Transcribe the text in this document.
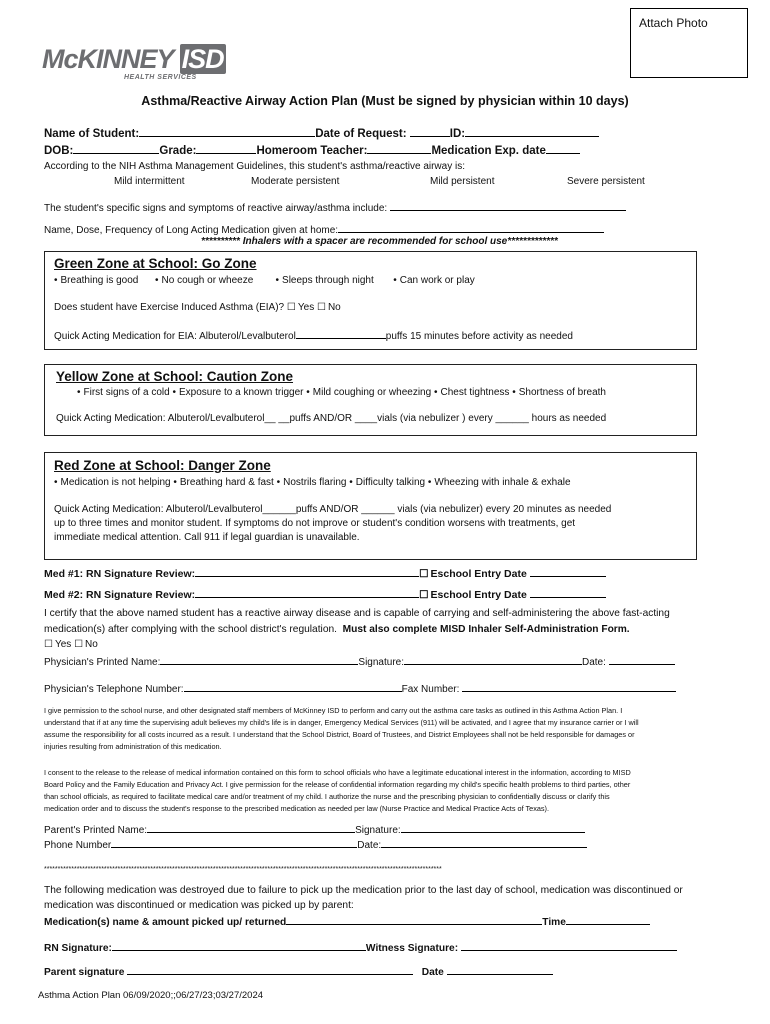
McKINNEY ISD
HEALTH SERVICES
Attach Photo
Asthma/Reactive Airway Action Plan (Must be signed by physician within 10 days)
Name of Student:	Date of Request:	ID:
DOB:	Grade:	Homeroom Teacher:	Medication Exp. date
According to the NIH Asthma Management Guidelines, this student's asthma/reactive airway is:
Mild intermittent	Moderate persistent	Mild persistent	Severe persistent
The student's specific signs and symptoms of reactive airway/asthma include:
Name, Dose, Frequency of Long Acting Medication given at home:
********** Inhalers with a spacer are recommended for school use*************
Green Zone at School: Go Zone
• Breathing is good • No cough or wheeze	• Sleeps through night	• Can work or play
Does student have Exercise Induced Asthma (EIA)? ☐ Yes ☐ No
Quick Acting Medication for EIA: Albuterol/Levalbuterol	puffs 15 minutes before activity as needed
Yellow Zone at School: Caution Zone
• First signs of a cold • Exposure to a known trigger • Mild coughing or wheezing • Chest tightness • Shortness of breath
Quick Acting Medication: Albuterol/Levalbuterol__ __puffs AND/OR ____vials (via nebulizer ) every ______ hours as needed
Red Zone at School: Danger Zone
• Medication is not helping • Breathing hard & fast • Nostrils flaring • Difficulty talking • Wheezing with inhale & exhale
Quick Acting Medication: Albuterol/Levalbuterol______puffs AND/OR ______ vials (via nebulizer) every 20 minutes as needed
up to three times and monitor student. If symptoms do not improve or student's condition worsens with treatments, get
immediate medical attention. Call 911 if legal guardian is unavailable.
Med #1: RN Signature Review:	☐ Eschool Entry Date
Med #2: RN Signature Review:	☐ Eschool Entry Date
I certify that the above named student has a reactive airway disease and is capable of carrying and self-administering the above fast-acting
medication(s) after complying with the school district's regulation. Must also complete MISD Inhaler Self-Administration Form.
☐ Yes ☐ No
Physician's Printed Name:	Signature:	Date:
Physician's Telephone Number:	Fax Number:
I give permission to the school nurse, and other designated staff members of McKinney ISD to perform and carry out the asthma care tasks as outlined in this Asthma Action Plan. I
understand that if at any time the supervising adult believes my child's life is in danger, Emergency Medical Services (911) will be activated, and I agree that my insurance carrier or I will
assume the responsibility for all costs incurred as a result. I understand that the School District, Board of Trustees, and District Employees shall not be held responsible for damages or
injuries resulting from administration of this medication.
I consent to the release to the release of medical information contained on this form to school officials who have a legitimate educational interest in the information, according to MISD
Board Policy and the Family Education and Privacy Act. I give permission for the release of confidential information regarding my child's specific health problems to third parties, other
than school officials, as required to facilitate medical care and/or treatment of my child. I authorize the nurse and the prescribing physician to confidentially discuss or clarify this
medication order and to discuss the student's response to the prescribed medication as needed per law (Nurse Practice and Medical Practice Acts of Texas).
Parent's Printed Name:	Signature:
Phone Number	Date:
**************************************************************************************************************************************************
The following medication was destroyed due to failure to pick up the medication prior to the last day of school, medication was discontinued or
medication was discontinued or medication was picked up by parent:
Medication(s) name & amount picked up/ returned	Time
RN Signature:	Witness Signature:
Parent signature	Date
Asthma Action Plan 06/09/2020;;06/27/23;03/27/2024
